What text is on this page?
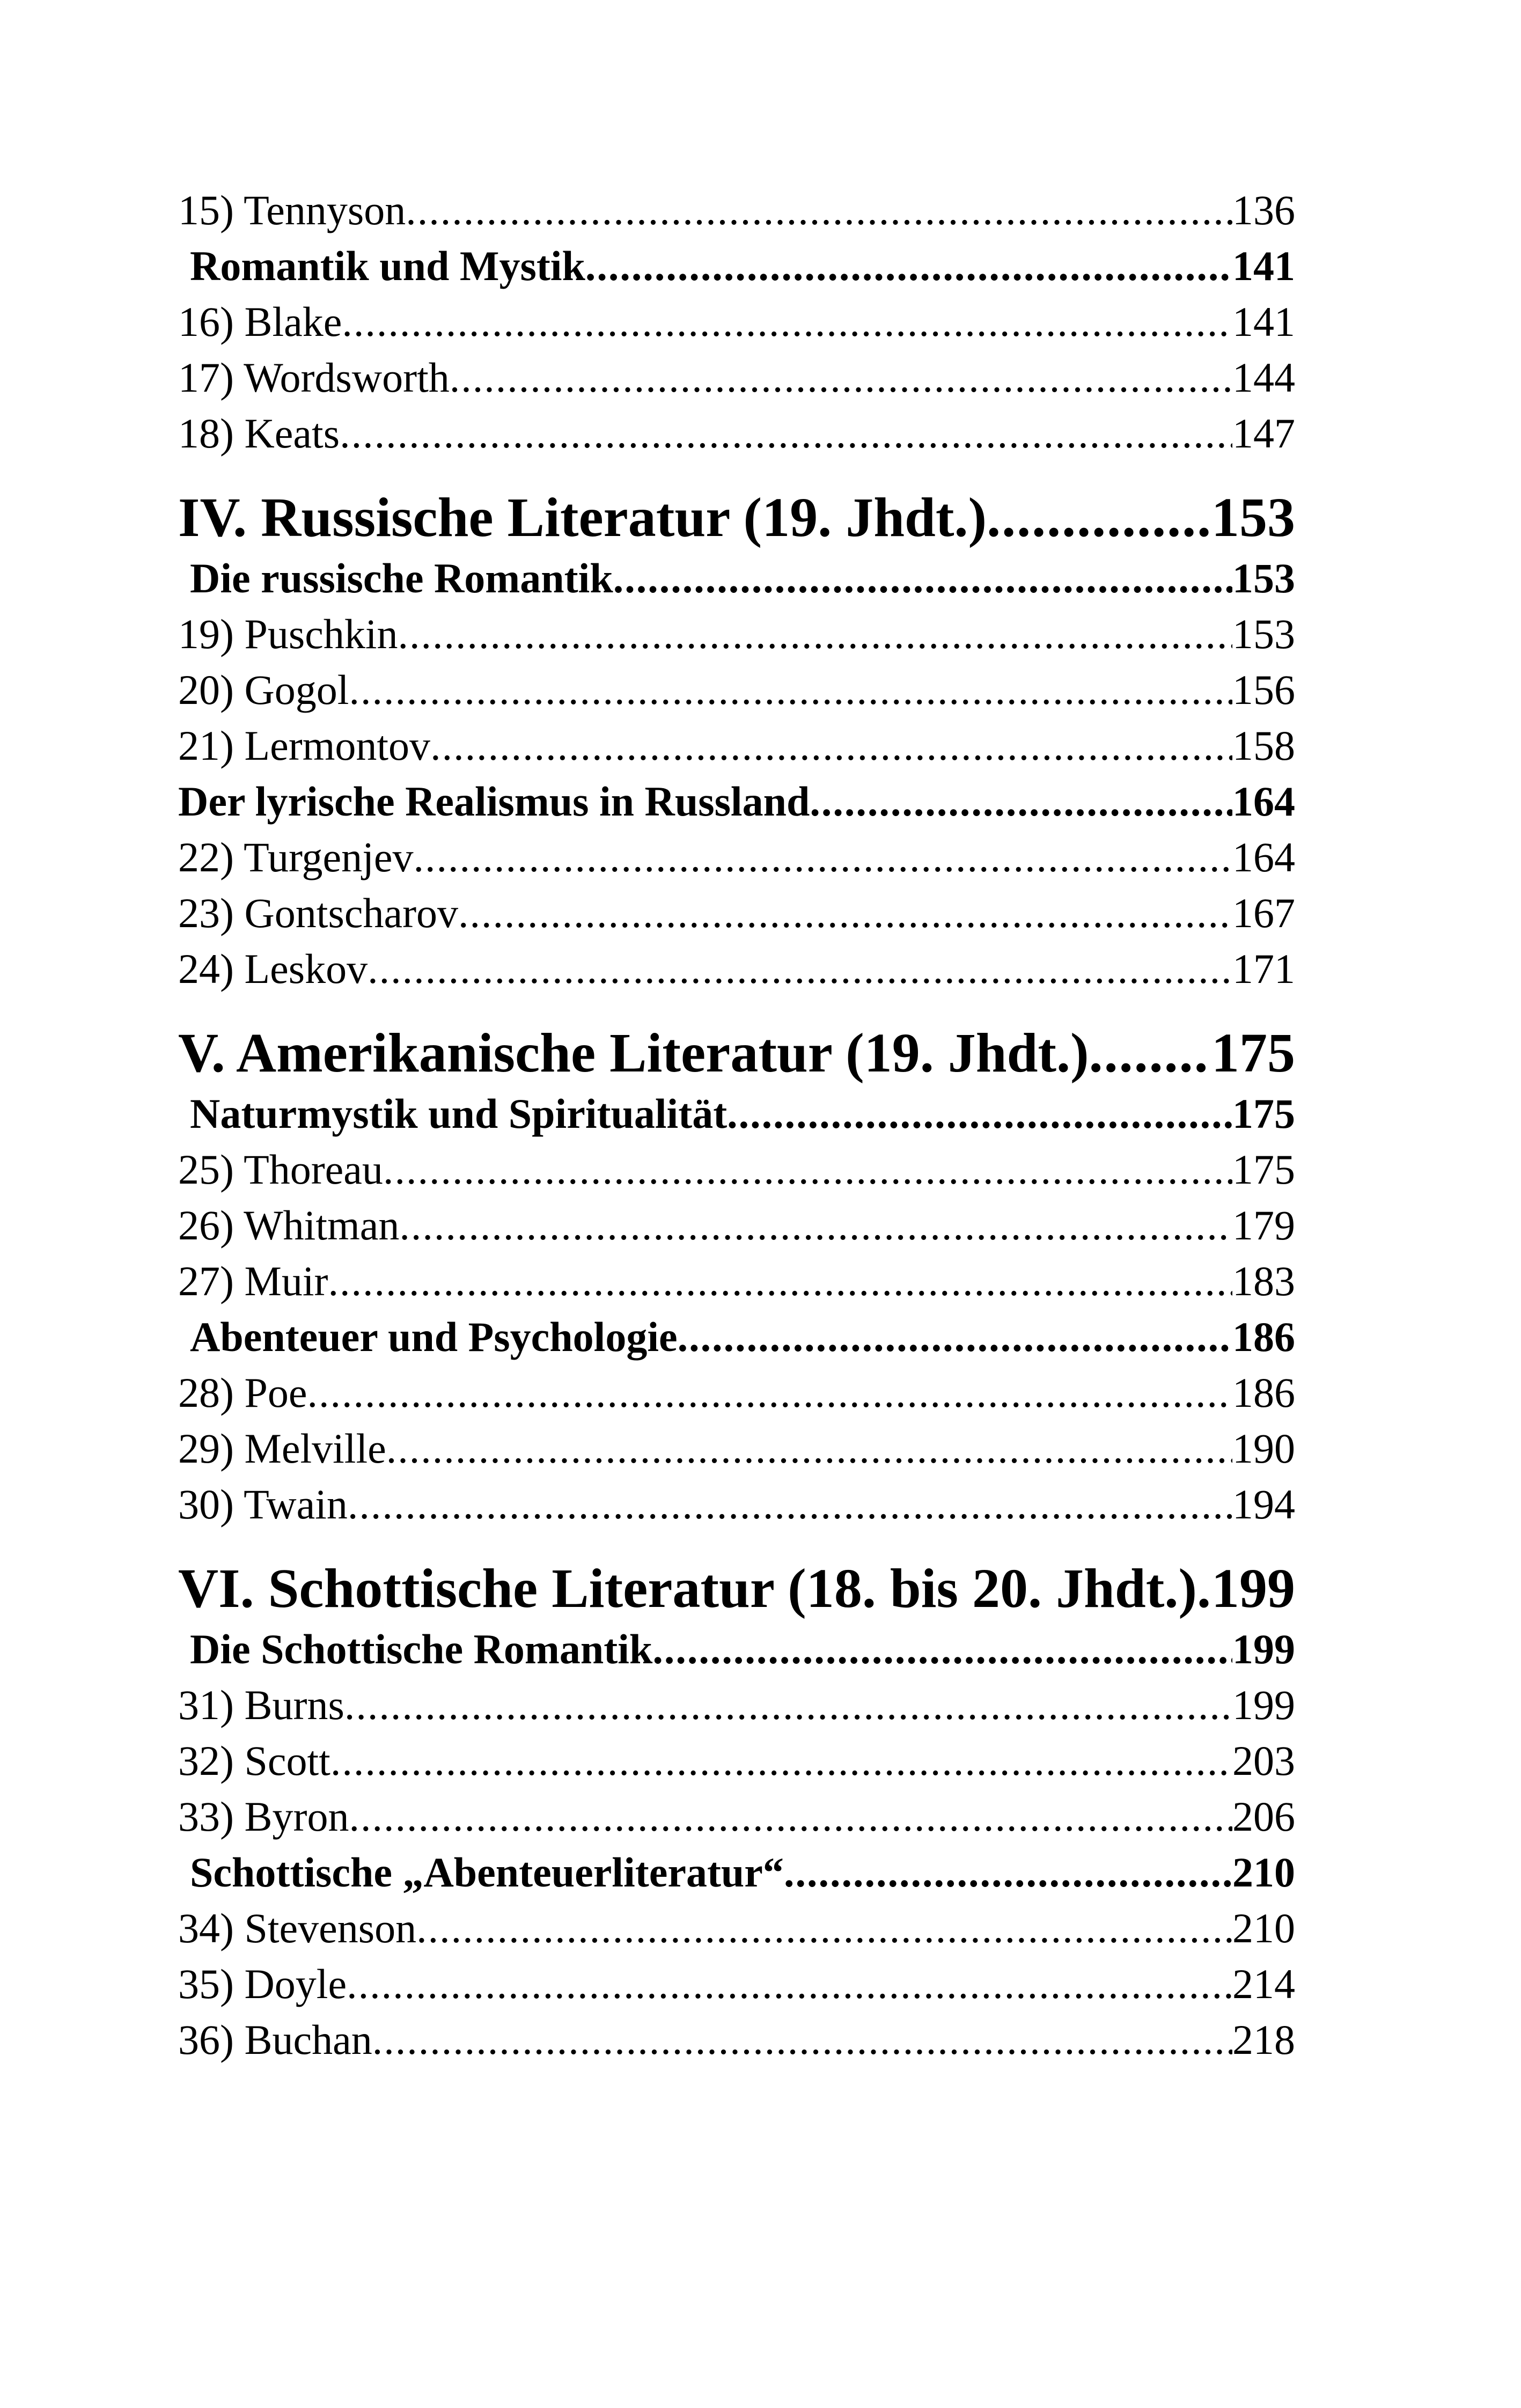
15) Tennyson .....	136
Romantik und Mystik .....	141
16) Blake .....	141
17) Wordsworth .....	144
18) Keats .....	147
IV. Russische Literatur (19. Jhdt.) .....	153
Die russische Romantik .....	153
19) Puschkin .....	153
20) Gogol .....	156
21) Lermontov .....	158
Der lyrische Realismus in Russland .....	164
22) Turgenjev .....	164
23) Gontscharov .....	167
24) Leskov .....	171
V. Amerikanische Literatur (19. Jhdt.) ..... 175
Naturmystik und Spiritualität .....	175
25) Thoreau .....	175
26) Whitman .....	179
27) Muir .....	183
Abenteuer und Psychologie .....	186
28) Poe .....	186
29) Melville .....	190
30) Twain .....	194
VI. Schottische Literatur (18. bis 20. Jhdt.) ..... 199
Die Schottische Romantik .....	199
31) Burns .....	199
32) Scott .....	203
33) Byron .....	206
Schottische „Abenteuerliteratur“ .....	210
34) Stevenson .....	210
35) Doyle .....	214
36) Buchan .....	218
